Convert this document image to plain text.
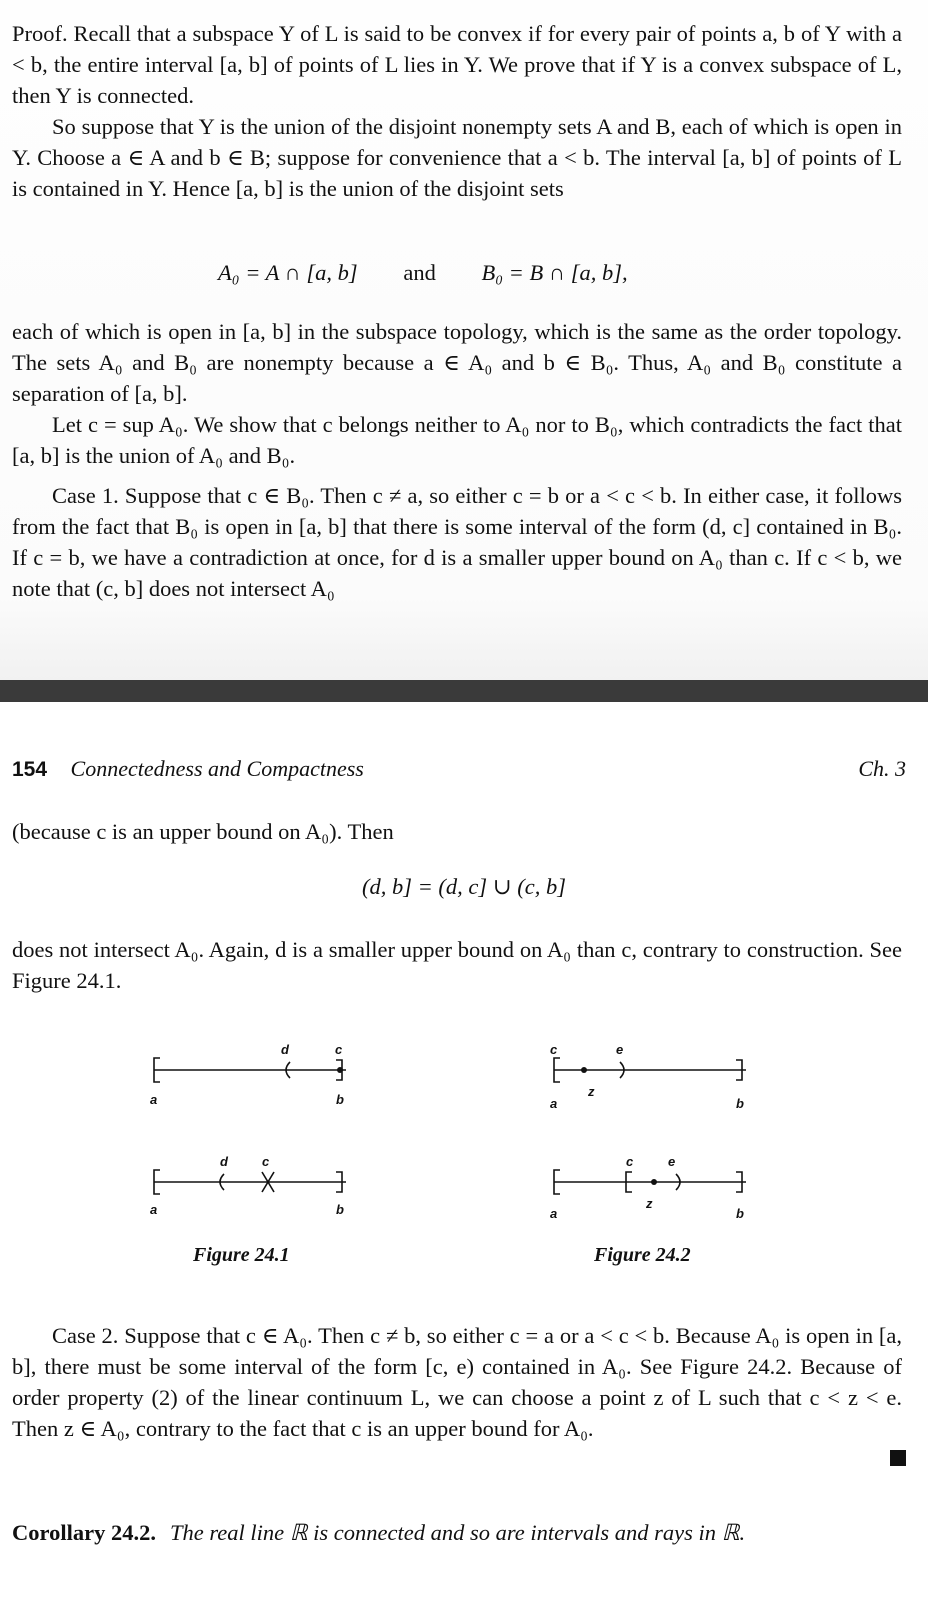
Proof. Recall that a subspace Y of L is said to be convex if for every pair of points a, b of Y with a < b, the entire interval [a, b] of points of L lies in Y. We prove that if Y is a convex subspace of L, then Y is connected.

So suppose that Y is the union of the disjoint nonempty sets A and B, each of which is open in Y. Choose a ∈ A and b ∈ B; suppose for convenience that a < b. The interval [a, b] of points of L is contained in Y. Hence [a, b] is the union of the disjoint sets

A₀ = A ∩ [a, b] and B₀ = B ∩ [a, b],

each of which is open in [a, b] in the subspace topology, which is the same as the order topology. The sets A₀ and B₀ are nonempty because a ∈ A₀ and b ∈ B₀. Thus, A₀ and B₀ constitute a separation of [a, b].

Let c = sup A₀. We show that c belongs neither to A₀ nor to B₀, which contradicts the fact that [a, b] is the union of A₀ and B₀.

Case 1. Suppose that c ∈ B₀. Then c ≠ a, so either c = b or a < c < b. In either case, it follows from the fact that B₀ is open in [a, b] that there is some interval of the form (d, c] contained in B₀. If c = b, we have a contradiction at once, for d is a smaller upper bound on A₀ than c. If c < b, we note that (c, b] does not intersect A₀

154 Connectedness and Compactness	Ch. 3

(because c is an upper bound on A₀). Then

(d, b] = (d, c] ∪ (c, b]

does not intersect A₀. Again, d is a smaller upper bound on A₀ than c, contrary to construction. See Figure 24.1.

d	c
a	b
d	c
a	b
Figure 24.1
c	e
z
a	b
c	e
z
a	b
Figure 24.2

Case 2. Suppose that c ∈ A₀. Then c ≠ b, so either c = a or a < c < b. Because A₀ is open in [a, b], there must be some interval of the form [c, e) contained in A₀. See Figure 24.2. Because of order property (2) of the linear continuum L, we can choose a point z of L such that c < z < e. Then z ∈ A₀, contrary to the fact that c is an upper bound for A₀.

Corollary 24.2. The real line ℝ is connected and so are intervals and rays in ℝ.
